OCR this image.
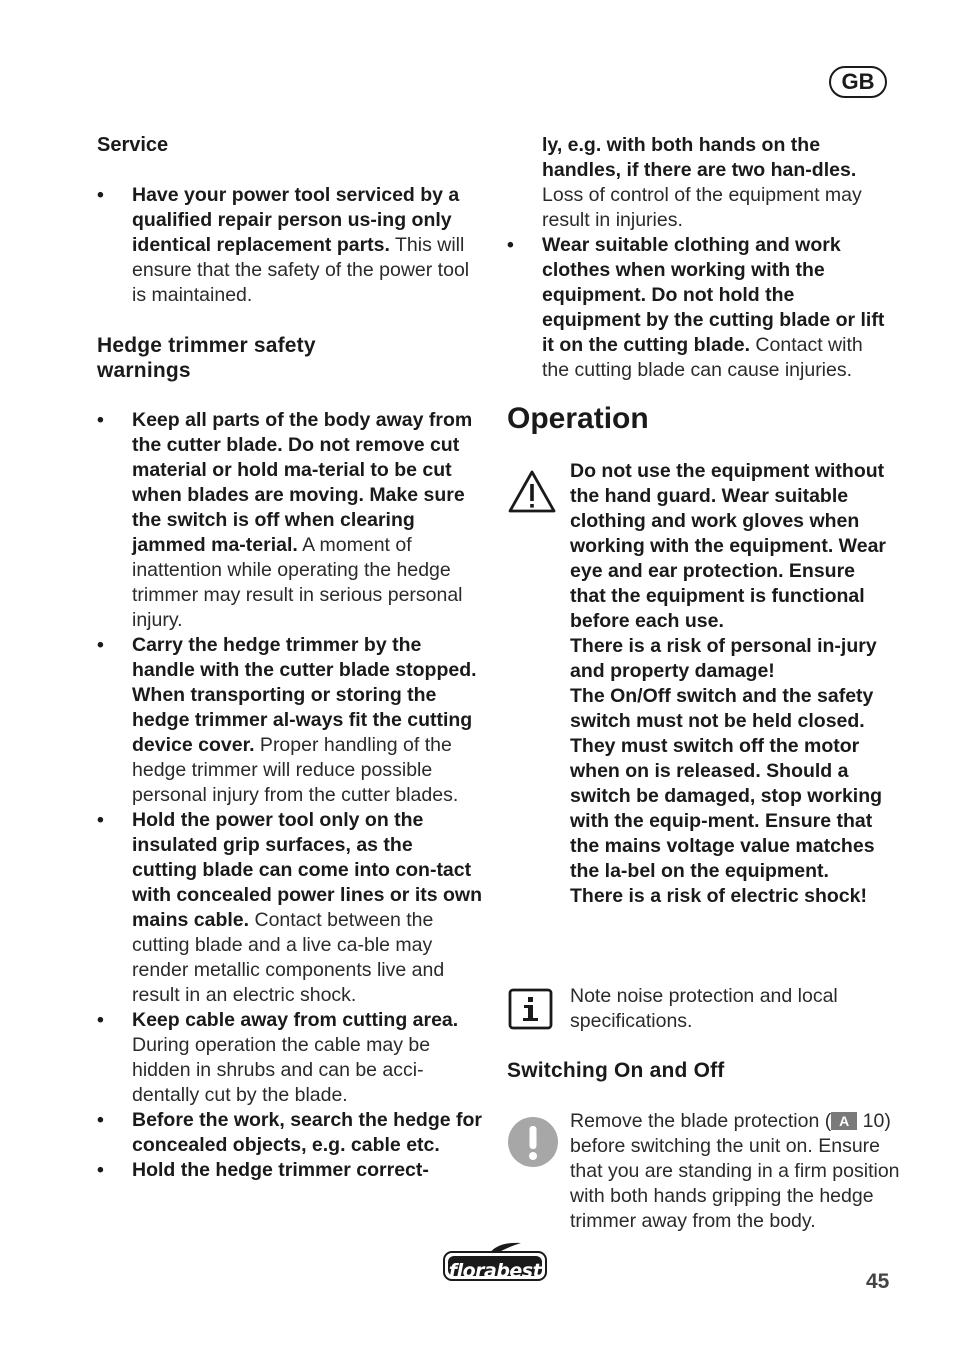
GB
Service
• Have your power tool serviced by a qualified repair person us-ing only identical replacement parts. This will ensure that the safety of the power tool is maintained.
Hedge trimmer safety warnings
• Keep all parts of the body away from the cutter blade. Do not remove cut material or hold ma-terial to be cut when blades are moving. Make sure the switch is off when clearing jammed ma-terial. A moment of inattention while operating the hedge trimmer may result in serious personal injury.
• Carry the hedge trimmer by the handle with the cutter blade stopped. When transporting or storing the hedge trimmer al-ways fit the cutting device cover. Proper handling of the hedge trimmer will reduce possible personal injury from the cutter blades.
• Hold the power tool only on the insulated grip surfaces, as the cutting blade can come into con-tact with concealed power lines or its own mains cable. Contact between the cutting blade and a live ca-ble may render metallic components live and result in an electric shock.
• Keep cable away from cutting area. During operation the cable may be hidden in shrubs and can be acci-dentally cut by the blade.
• Before the work, search the hedge for concealed objects, e.g. cable etc.
• Hold the hedge trimmer correct-
ly, e.g. with both hands on the handles, if there are two han-dles. Loss of control of the equipment may result in injuries.
• Wear suitable clothing and work clothes when working with the equipment. Do not hold the equipment by the cutting blade or lift it on the cutting blade. Contact with the cutting blade can cause injuries.
Operation

Do not use the equipment without the hand guard. Wear suitable clothing and work gloves when working with the equipment. Wear eye and ear protection. Ensure that the equipment is functional before each use.

There is a risk of personal in-jury and property damage!

The On/Off switch and the safety switch must not be held closed. They must switch off the motor when on is released. Should a switch be damaged, stop working with the equip-ment. Ensure that the mains voltage value matches the la-bel on the equipment.

There is a risk of electric shock!

Note noise protection and local specifications.
Switching On and Off
Remove the blade protection ( A 10) before switching the unit on. Ensure that you are standing in a firm position with both hands gripping the hedge trimmer away from the body.
florabest	45
